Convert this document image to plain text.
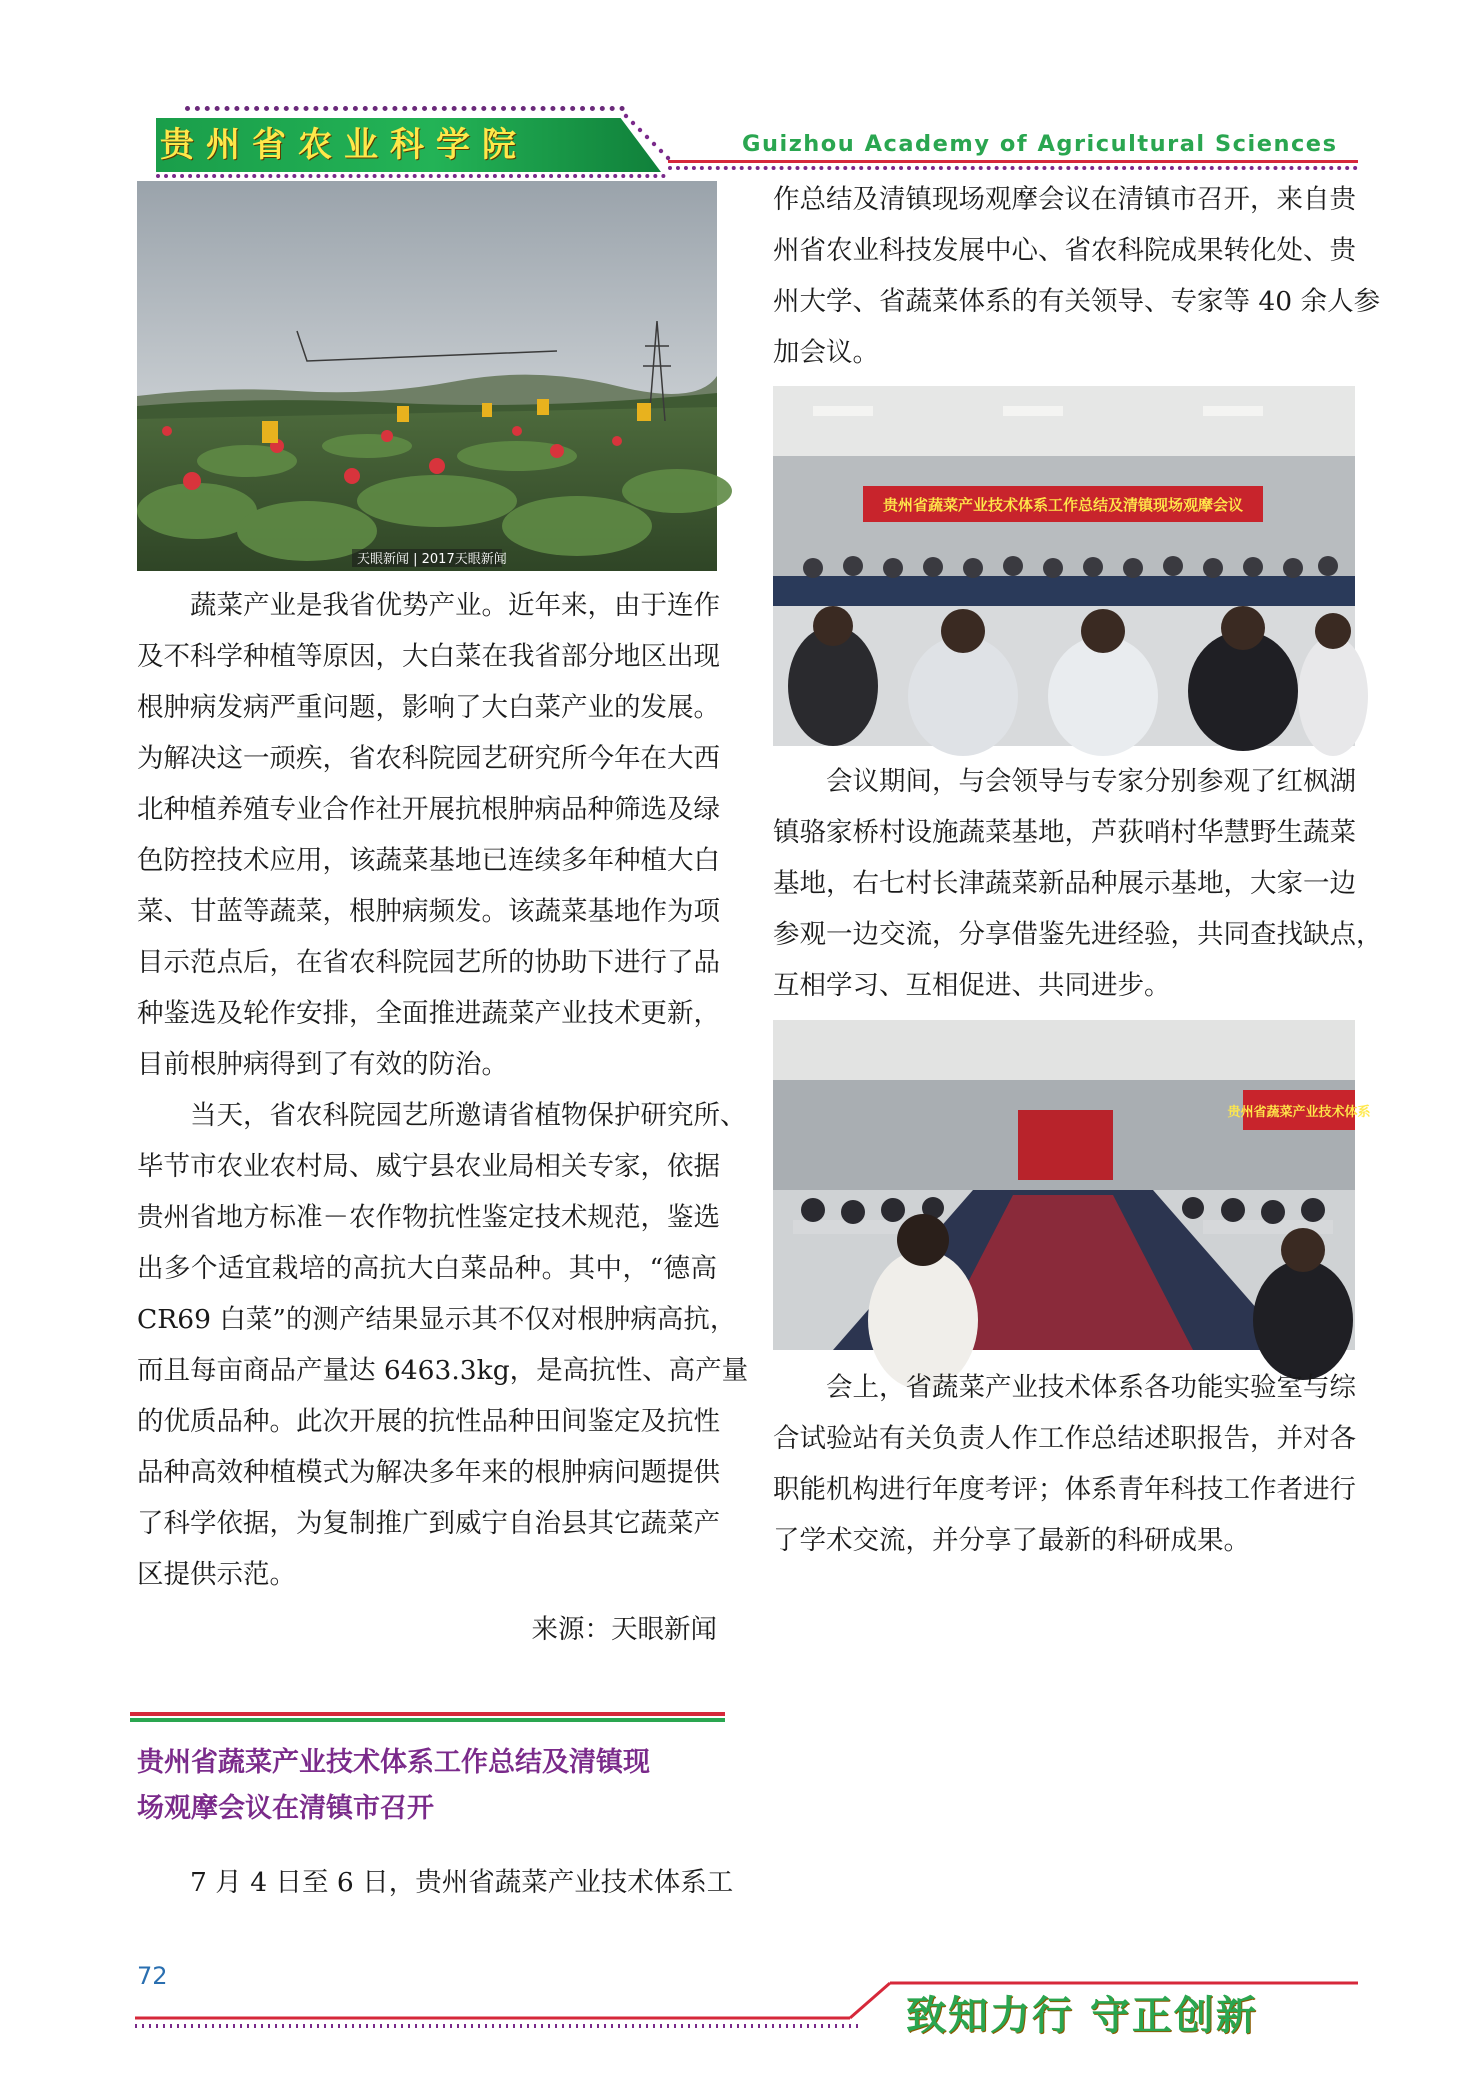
贵州省农业科学院	Guizhou Academy of Agricultural Sciences
天眼新闻 | 2017天眼新闻
　　蔬菜产业是我省优势产业。近年来，由于连作
及不科学种植等原因，大白菜在我省部分地区出现
根肿病发病严重问题，影响了大白菜产业的发展。
为解决这一顽疾，省农科院园艺研究所今年在大西
北种植养殖专业合作社开展抗根肿病品种筛选及绿
色防控技术应用，该蔬菜基地已连续多年种植大白
菜、甘蓝等蔬菜，根肿病频发。该蔬菜基地作为项
目示范点后，在省农科院园艺所的协助下进行了品
种鉴选及轮作安排，全面推进蔬菜产业技术更新，
目前根肿病得到了有效的防治。
　　当天，省农科院园艺所邀请省植物保护研究所、
毕节市农业农村局、威宁县农业局相关专家，依据
贵州省地方标准－农作物抗性鉴定技术规范，鉴选
出多个适宜栽培的高抗大白菜品种。其中，“德高
CR69 白菜”的测产结果显示其不仅对根肿病高抗，
而且每亩商品产量达 6463.3kg，是高抗性、高产量
的优质品种。此次开展的抗性品种田间鉴定及抗性
品种高效种植模式为解决多年来的根肿病问题提供
了科学依据，为复制推广到威宁自治县其它蔬菜产
区提供示范。
来源：天眼新闻
贵州省蔬菜产业技术体系工作总结及清镇现
场观摩会议在清镇市召开
　　7 月 4 日至 6 日，贵州省蔬菜产业技术体系工
作总结及清镇现场观摩会议在清镇市召开，来自贵
州省农业科技发展中心、省农科院成果转化处、贵
州大学、省蔬菜体系的有关领导、专家等 40 余人参
加会议。
贵州省蔬菜产业技术体系工作总结及清镇现场观摩会议
　　会议期间，与会领导与专家分别参观了红枫湖
镇骆家桥村设施蔬菜基地，芦荻哨村华慧野生蔬菜
基地，右七村长津蔬菜新品种展示基地，大家一边
参观一边交流，分享借鉴先进经验，共同查找缺点，
互相学习、互相促进、共同进步。
贵州省蔬菜产业技术体系
　　会上，省蔬菜产业技术体系各功能实验室与综
合试验站有关负责人作工作总结述职报告，并对各
职能机构进行年度考评；体系青年科技工作者进行
了学术交流，并分享了最新的科研成果。
72
致知力行 守正创新
